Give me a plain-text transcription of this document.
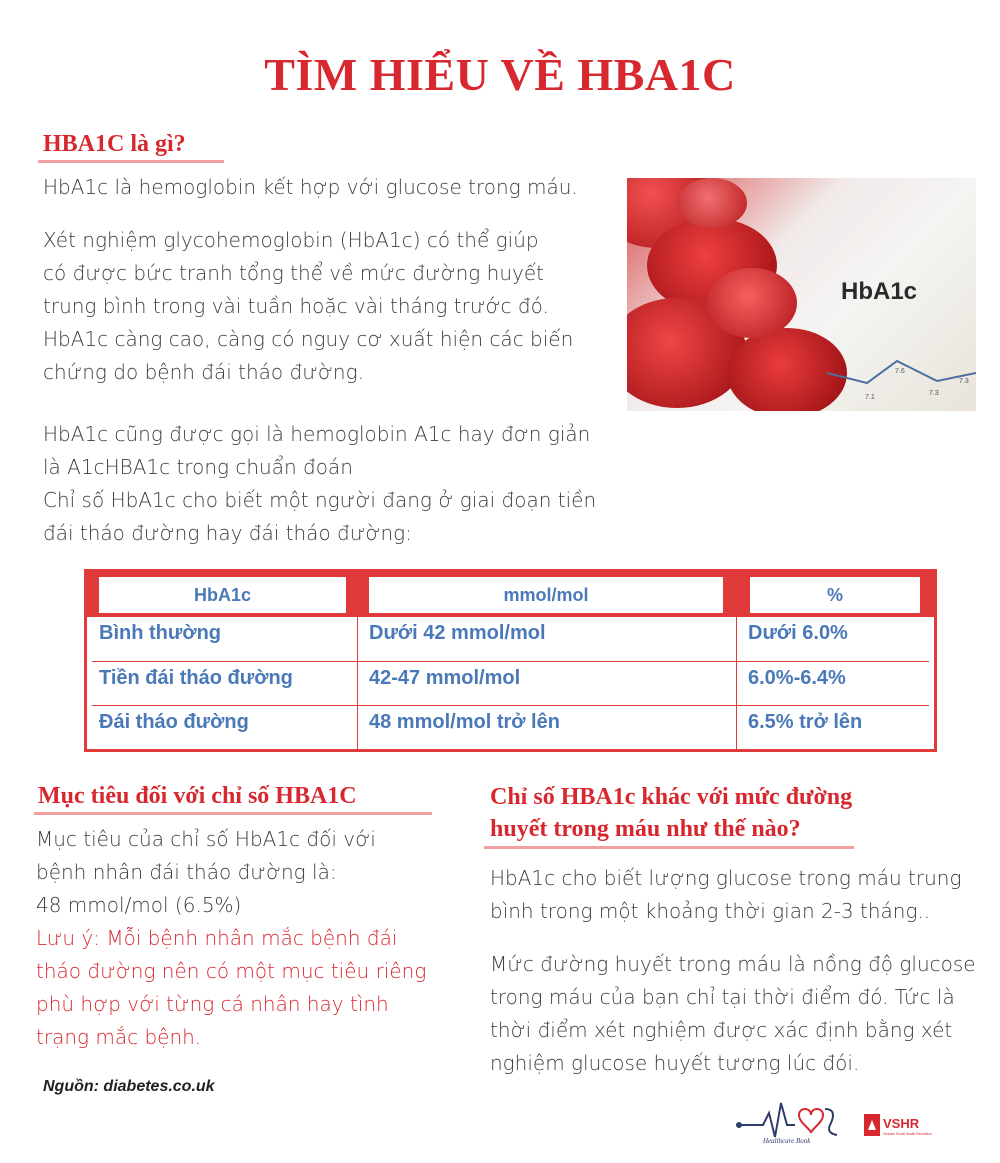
TÌM HIỂU VỀ HBA1C
HBA1C là gì?

HbA1c là hemoglobin kết hợp với glucose trong máu.

Xét nghiệm glycohemoglobin (HbA1c) có thể giúp

có được bức tranh tổng thể về mức đường huyết

trung bình trong vài tuần hoặc vài tháng trước đó.

HbA1c càng cao, càng có nguy cơ xuất hiện các biến

chứng do bệnh đái tháo đường.

HbA1c cũng được gọi là hemoglobin A1c hay đơn giản

là A1cHBA1c trong chuẩn đoán

Chỉ số HbA1c cho biết một người đang ở giai đoạn tiền

đái tháo đường hay đái tháo đường:

HbA1c
7.1
7.6
7.3
7.3
HbA1c	mmol/mol	%
Bình thường	Dưới 42 mmol/mol	Dưới 6.0%
Tiền đái tháo đường	42-47 mmol/mol	6.0%-6.4%
Đái tháo đường	48 mmol/mol trở lên	6.5% trở lên
Mục tiêu đối với chỉ số HBA1C

Mục tiêu của chỉ số HbA1c đối với

bệnh nhân đái tháo đường là:

48 mmol/mol (6.5%)

Lưu ý: Mỗi bệnh nhân mắc bệnh đái

tháo đường nên có một mục tiêu riêng

phù hợp với từng cá nhân hay tình

trạng mắc bệnh.

Nguồn: diabetes.co.uk
Chỉ số HBA1c khác với mức đường
huyết trong máu như thế nào?

HbA1c cho biết lượng glucose trong máu trung

bình trong một khoảng thời gian 2-3 tháng..

Mức đường huyết trong máu là nồng độ glucose

trong máu của bạn chỉ tại thời điểm đó. Tức là

thời điểm xét nghiệm được xác định bằng xét

nghiệm glucose huyết tương lúc đói.

Healthcare Book
VSHR
Vietnam Social Health Revolution
